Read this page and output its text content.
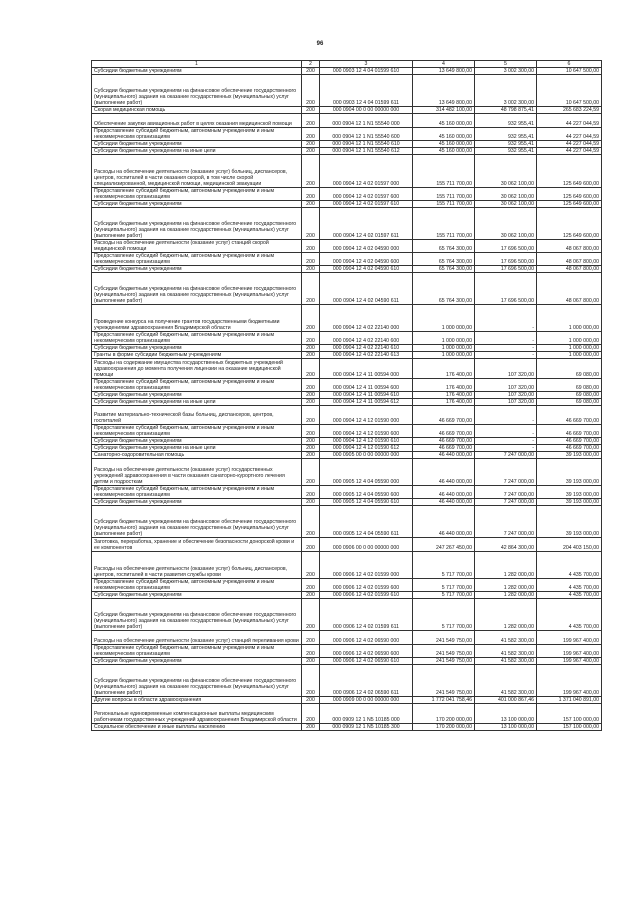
96
1	2	3	4	5	6
Субсидии бюджетным учреждениям	200	000 0903 12 4 04 01599 610	13 649 800,00	3 002 300,00	10 647 500,00
Субсидии бюджетным учреждениям на финансовое обеспечение государственного (муниципального) задания на оказание государственных (муниципальных) услуг (выполнение работ)	200	000 0903 12 4 04 01599 611	13 649 800,00	3 002 300,00	10 647 500,00
Скорая медицинская помощь	200	000 0904 00 0 00 00000 000	314 482 100,00	48 798 875,41	265 683 224,59
Обеспечение закупки авиационных работ в целях оказания медицинской помощи	200	000 0904 12 1 N1 55540 000	45 160 000,00	932 955,41	44 227 044,59
Предоставление субсидий бюджетным, автономным учреждениям и иным некоммерческим организациям	200	000 0904 12 1 N1 55540 600	45 160 000,00	932 955,41	44 227 044,59
Субсидии бюджетным учреждениям	200	000 0904 12 1 N1 55540 610	45 160 000,00	932 955,41	44 227 044,59
Субсидии бюджетным учреждениям на иные цели	200	000 0904 12 1 N1 55540 612	45 160 000,00	932 955,41	44 227 044,59
Расходы на обеспечение деятельности (оказание услуг) больниц, диспансеров, центров, госпиталей в части оказания скорой, в том числе скорой специализированной, медицинской помощи, медицинской эвакуации	200	000 0904 12 4 02 01597 000	155 711 700,00	30 062 100,00	125 649 600,00
Предоставление субсидий бюджетным, автономным учреждениям и иным некоммерческим организациям	200	000 0904 12 4 02 01597 600	155 711 700,00	30 062 100,00	125 649 600,00
Субсидии бюджетным учреждениям	200	000 0904 12 4 02 01597 610	155 711 700,00	30 062 100,00	125 649 600,00
Субсидии бюджетным учреждениям на финансовое обеспечение государственного (муниципального) задания на оказание государственных (муниципальных) услуг (выполнение работ)	200	000 0904 12 4 02 01597 611	155 711 700,00	30 062 100,00	125 649 600,00
Расходы на обеспечение деятельности (оказание услуг) станций скорой медицинской помощи	200	000 0904 12 4 02 04590 000	65 764 300,00	17 696 500,00	48 067 800,00
Предоставление субсидий бюджетным, автономным учреждениям и иным некоммерческим организациям	200	000 0904 12 4 02 04590 600	65 764 300,00	17 696 500,00	48 067 800,00
Субсидии бюджетным учреждениям	200	000 0904 12 4 02 04590 610	65 764 300,00	17 696 500,00	48 067 800,00
Субсидии бюджетным учреждениям на финансовое обеспечение государственного (муниципального) задания на оказание государственных (муниципальных) услуг (выполнение работ)	200	000 0904 12 4 02 04590 611	65 764 300,00	17 696 500,00	48 067 800,00
Проведение конкурса на получение грантов государственными бюджетными учреждениями здравоохранения Владимирской области	200	000 0904 12 4 02 22140 000	1 000 000,00	-	1 000 000,00
Предоставление субсидий бюджетным, автономным учреждениям и иным некоммерческим организациям	200	000 0904 12 4 02 22140 600	1 000 000,00	-	1 000 000,00
Субсидии бюджетным учреждениям	200	000 0904 12 4 02 22140 610	1 000 000,00	-	1 000 000,00
Гранты в форме субсидии бюджетным учреждениям	200	000 0904 12 4 02 22140 613	1 000 000,00	-	1 000 000,00
Расходы на содержание имущества государственных бюджетных учреждений здравоохранения до момента получения лицензии на оказание медицинской помощи	200	000 0904 12 4 11 00594 000	176 400,00	107 320,00	69 080,00
Предоставление субсидий бюджетным, автономным учреждениям и иным некоммерческим организациям	200	000 0904 12 4 11 00594 600	176 400,00	107 320,00	69 080,00
Субсидии бюджетным учреждениям	200	000 0904 12 4 11 00594 610	176 400,00	107 320,00	69 080,00
Субсидии бюджетным учреждениям на иные цели	200	000 0904 12 4 11 00594 612	176 400,00	107 320,00	69 080,00
Развитие материально-технической базы больниц, диспансеров, центров, госпиталей	200	000 0904 12 4 12 01590 000	46 669 700,00	-	46 669 700,00
Предоставление субсидий бюджетным, автономным учреждениям и иным некоммерческим организациям	200	000 0904 12 4 12 01590 600	46 669 700,00	-	46 669 700,00
Субсидии бюджетным учреждениям	200	000 0904 12 4 12 01590 610	46 669 700,00	-	46 669 700,00
Субсидии бюджетным учреждениям на иные цели	200	000 0904 12 4 12 01590 612	46 669 700,00	-	46 669 700,00
Санаторно-оздоровительная помощь	200	000 0905 00 0 00 00000 000	46 440 000,00	7 247 000,00	39 193 000,00
Расходы на обеспечение деятельности (оказание услуг) государственных учреждений здравоохранения в части оказания санаторно-курортного лечения детям и подросткам	200	000 0905 12 4 04 05590 000	46 440 000,00	7 247 000,00	39 193 000,00
Предоставление субсидий бюджетным, автономным учреждениям и иным некоммерческим организациям	200	000 0905 12 4 04 05590 600	46 440 000,00	7 247 000,00	39 193 000,00
Субсидии бюджетным учреждениям	200	000 0905 12 4 04 05590 610	46 440 000,00	7 247 000,00	39 193 000,00
Субсидии бюджетным учреждениям на финансовое обеспечение государственного (муниципального) задания на оказание государственных (муниципальных) услуг (выполнение работ)	200	000 0905 12 4 04 05590 611	46 440 000,00	7 247 000,00	39 193 000,00
Заготовка, переработка, хранение и обеспечение безопасности донорской крови и ее компонентов	200	000 0906 00 0 00 00000 000	247 267 450,00	42 864 300,00	204 403 150,00
Расходы на обеспечение деятельности (оказание услуг) больниц, диспансеров, центров, госпиталей в части развития службы крови	200	000 0906 12 4 02 01599 000	5 717 700,00	1 282 000,00	4 435 700,00
Предоставление субсидий бюджетным, автономным учреждениям и иным некоммерческим организациям	200	000 0906 12 4 02 01599 600	5 717 700,00	1 282 000,00	4 435 700,00
Субсидии бюджетным учреждениям	200	000 0906 12 4 02 01599 610	5 717 700,00	1 282 000,00	4 435 700,00
Субсидии бюджетным учреждениям на финансовое обеспечение государственного (муниципального) задания на оказание государственных (муниципальных) услуг (выполнение работ)	200	000 0906 12 4 02 01599 611	5 717 700,00	1 282 000,00	4 435 700,00
Расходы на обеспечение деятельности (оказание услуг) станций переливания крови	200	000 0906 12 4 02 06590 000	241 549 750,00	41 582 300,00	199 967 400,00
Предоставление субсидий бюджетным, автономным учреждениям и иным некоммерческим организациям	200	000 0906 12 4 02 06590 600	241 549 750,00	41 582 300,00	199 967 400,00
Субсидии бюджетным учреждениям	200	000 0906 12 4 02 06590 610	241 549 750,00	41 582 300,00	199 967 400,00
Субсидии бюджетным учреждениям на финансовое обеспечение государственного (муниципального) задания на оказание государственных (муниципальных) услуг (выполнение работ)	200	000 0906 12 4 02 06590 611	241 549 750,00	41 582 300,00	199 967 400,00
Другие вопросы в области здравоохранения	200	000 0909 00 0 00 00000 000	1 772 041 758,46	401 000 867,46	1 371 040 891,00
Региональные единовременные компенсационные выплаты медицинским работникам государственных учреждений здравоохранения Владимирской области	200	000 0909 12 1 N5 10185 000	170 200 000,00	13 100 000,00	157 100 000,00
Социальное обеспечение и иные выплаты населению	200	000 0909 12 1 N5 10185 300	170 200 000,00	13 100 000,00	157 100 000,00
